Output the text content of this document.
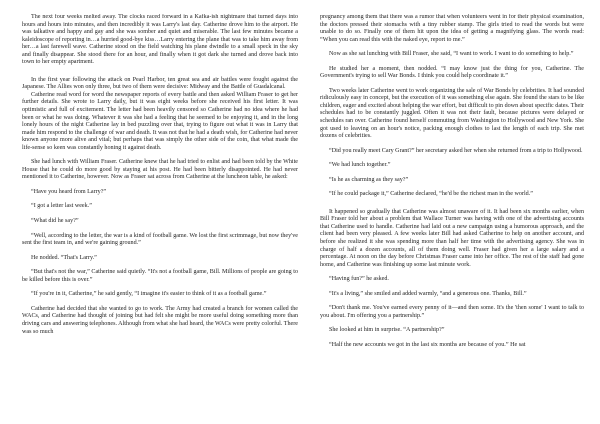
The next four weeks melted away. The clocks raced forward in a Kafka-ish nightmare that turned days into hours and hours into minutes, and then incredibly it was Larry's last day. Catherine drove him to the airport. He was talkative and happy and gay and she was somber and quiet and miserable. The last few minutes became a kaleidoscope of reporting in…a hurried good-bye kiss…Larry entering the plane that was to take him away from her…a last farewell wave. Catherine stood on the field watching his plane dwindle to a small speck in the sky and finally disappear. She stood there for an hour, and finally when it got dark she turned and drove back into town to her empty apartment.

In the first year following the attack on Pearl Harbor, ten great sea and air battles were fought against the Japanese. The Allies won only three, but two of them were decisive: Midway and the Battle of Guadalcanal.

Catherine read word for word the newspaper reports of every battle and then asked William Fraser to get her further details. She wrote to Larry daily, but it was eight weeks before she received his first letter. It was optimistic and full of excitement. The letter had been heavily censored so Catherine had no idea where he had been or what he was doing. Whatever it was she had a feeling that he seemed to be enjoying it, and in the long lonely hours of the night Catherine lay in bed puzzling over that, trying to figure out what it was in Larry that made him respond to the challenge of war and death. It was not that he had a death wish, for Catherine had never known anyone more alive and vital; but perhaps that was simply the other side of the coin, that what made the life-sense so keen was constantly honing it against death.

She had lunch with William Fraser. Catherine knew that he had tried to enlist and had been told by the White House that he could do more good by staying at his post. He had been bitterly disappointed. He had never mentioned it to Catherine, however. Now as Fraser sat across from Catherine at the luncheon table, he asked:

“Have you heard from Larry?”

“I got a letter last week.”

“What did he say?”

“Well, according to the letter, the war is a kind of football game. We lost the first scrimmage, but now they've sent the first team in, and we're gaining ground.”

He nodded. “That's Larry.”

“But that's not the war,” Catherine said quietly. “It's not a football game, Bill. Millions of people are going to be killed before this is over.”

“If you're in it, Catherine,” he said gently, “I imagine it's easier to think of it as a football game.”

Catherine had decided that she wanted to go to work. The Army had created a branch for women called the WACs, and Catherine had thought of joining but had felt she might be more useful doing something more than driving cars and answering telephones. Although from what she had heard, the WACs were pretty colorful. There was so much

pregnancy among them that there was a rumor that when volunteers went in for their physical examination, the doctors pressed their stomachs with a tiny rubber stamp. The girls tried to read the words but were unable to do so. Finally one of them hit upon the idea of getting a magnifying glass. The words read: “When you can read this with the naked eye, report to me.”

Now as she sat lunching with Bill Fraser, she said, “I want to work. I want to do something to help.”

He studied her a moment, then nodded. “I may know just the thing for you, Catherine. The Government's trying to sell War Bonds. I think you could help coordinate it.”

Two weeks later Catherine went to work organizing the sale of War Bonds by celebrities. It had sounded ridiculously easy in concept, but the execution of it was something else again. She found the stars to be like children, eager and excited about helping the war effort, but difficult to pin down about specific dates. Their schedules had to be constantly juggled. Often it was not their fault, because pictures were delayed or schedules ran over. Catherine found herself commuting from Washington to Hollywood and New York. She got used to leaving on an hour's notice, packing enough clothes to last the length of each trip. She met dozens of celebrities.

“Did you really meet Cary Grant?” her secretary asked her when she returned from a trip to Hollywood.

“We had lunch together.”

“Is he as charming as they say?”

“If he could package it,” Catherine declared, “he'd be the richest man in the world.”

It happened so gradually that Catherine was almost unaware of it. It had been six months earlier, when Bill Fraser told her about a problem that Wallace Turner was having with one of the advertising accounts that Catherine used to handle. Catherine had laid out a new campaign using a humorous approach, and the client had been very pleased. A few weeks later Bill had asked Catherine to help on another account, and before she realized it she was spending more than half her time with the advertising agency. She was in charge of half a dozen accounts, all of them doing well. Fraser had given her a large salary and a percentage. At noon on the day before Christmas Fraser came into her office. The rest of the staff had gone home, and Catherine was finishing up some last minute work.

“Having fun?” he asked.

“It's a living,” she smiled and added warmly, “and a generous one. Thanks, Bill.”

“Don't thank me. You've earned every penny of it—and then some. It's the 'then some' I want to talk to you about. I'm offering you a partnership.”

She looked at him in surprise. “A partnership?”

“Half the new accounts we got in the last six months are because of you.” He sat
